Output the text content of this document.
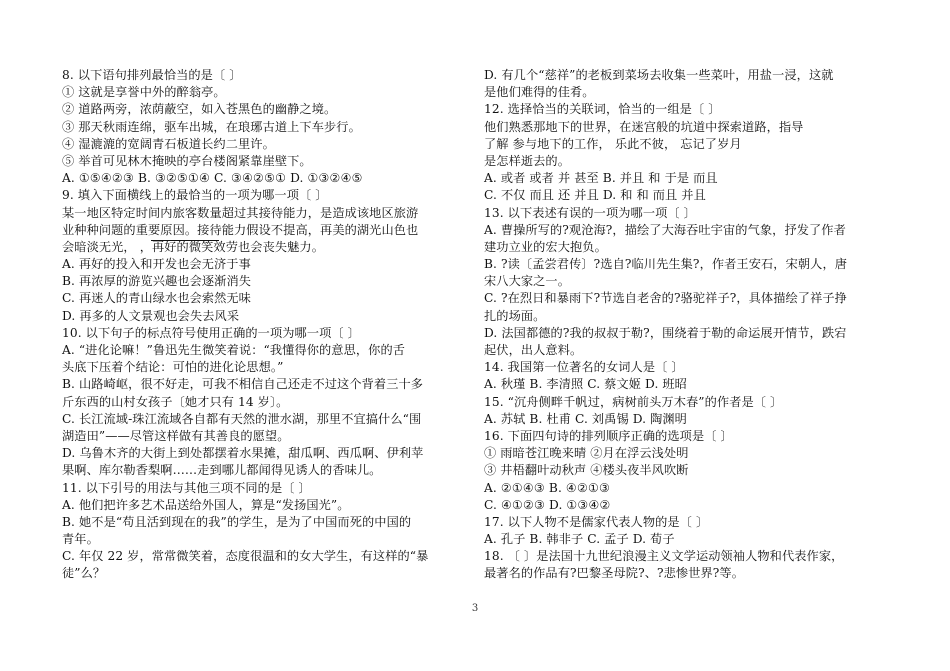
8. 以下语句排列最恰当的是〔 〕
① 这就是享誉中外的醉翁亭。
② 道路两旁，浓荫蔽空，如入苍黑色的幽静之境。
③ 那天秋雨连绵，驱车出城，在琅琊古道上下车步行。
④ 湿漉漉的宽阔青石板道长约二里许。
⑤ 举首可见林木掩映的亭台楼阁紧靠崖壁下。
A. ①⑤④②③ B. ③②⑤①④ C. ③④②⑤① D. ①③②④⑤
9. 填入下面横线上的最恰当的一项为哪一项〔 〕
某一地区特定时间内旅客数量超过其接待能力，是造成该地区旅游
业种种问题的重要原因。接待能力假设不提高，再美的湖光山色也
会暗淡无光， ，再好的微笑效劳也会丧失魅力。
A. 再好的投入和开发也会无济于事
B. 再浓厚的游览兴趣也会逐渐消失
C. 再迷人的青山绿水也会索然无味
D. 再多的人文景观也会失去风采
10. 以下句子的标点符号使用正确的一项为哪一项〔 〕
A. “进化论嘛！”鲁迅先生微笑着说：“我懂得你的意思，你的舌
头底下压着个结论：可怕的进化论思想。”
B. 山路崎岖，很不好走，可我不相信自己还走不过这个背着三十多
斤东西的山村女孩子〔她才只有 14 岁〕。
C. 长江流域-珠江流域各自都有天然的泄水湖，那里不宜搞什么“围
湖造田”——尽管这样做有其善良的愿望。
D. 乌鲁木齐的大街上到处都摆着水果摊，甜瓜啊、西瓜啊、伊利苹
果啊、库尔勒香梨啊……走到哪儿都闻得见诱人的香味儿。
11. 以下引号的用法与其他三项不同的是〔 〕
A. 他们把许多艺术品送给外国人，算是“发扬国光”。
B. 她不是“苟且活到现在的我”的学生，是为了中国而死的中国的
青年。
C. 年仅 22 岁，常常微笑着，态度很温和的女大学生，有这样的“暴
徒”么？
D. 有几个“慈祥”的老板到菜场去收集一些菜叶，用盐一浸，这就
是他们难得的佳肴。
12. 选择恰当的关联词，恰当的一组是〔 〕
他们熟悉那地下的世界，在迷宫般的坑道中探索道路，指导
了解 参与地下的工作， 乐此不彼， 忘记了岁月
是怎样逝去的。
A. 或者 或者 并 甚至 B. 并且 和 于是 而且
C. 不仅 而且 还 并且 D. 和 和 而且 并且
13. 以下表述有误的一项为哪一项〔 〕
A. 曹操所写的?观沧海?，描绘了大海吞吐宇宙的气象，抒发了作者
建功立业的宏大抱负。
B. ?读〔孟尝君传〕?选自?临川先生集?，作者王安石，宋朝人，唐
宋八大家之一。
C. ?在烈日和暴雨下?节选自老舍的?骆驼祥子?，具体描绘了祥子挣
扎的场面。
D. 法国都德的?我的叔叔于勒?，围绕着于勒的命运展开情节，跌宕
起伏，出人意料。
14. 我国第一位著名的女词人是〔 〕
A. 秋瑾 B. 李清照 C. 蔡文姬 D. 班昭
15. “沉舟侧畔千帆过，病树前头万木春”的作者是〔 〕
A. 苏轼 B. 杜甫 C. 刘禹锡 D. 陶渊明
16. 下面四句诗的排列顺序正确的选项是〔 〕
① 雨暗苍江晚来晴 ②月在浮云浅处明
③ 井梧翻叶动秋声 ④楼头夜半风吹断
A. ②①④③ B. ④②①③
C. ④①②③ D. ①③④②
17. 以下人物不是儒家代表人物的是〔 〕
A. 孔子 B. 韩非子 C. 孟子 D. 荀子
18. 〔 〕是法国十九世纪浪漫主义文学运动领袖人物和代表作家，
最著名的作品有?巴黎圣母院?、?悲惨世界?等。
3
